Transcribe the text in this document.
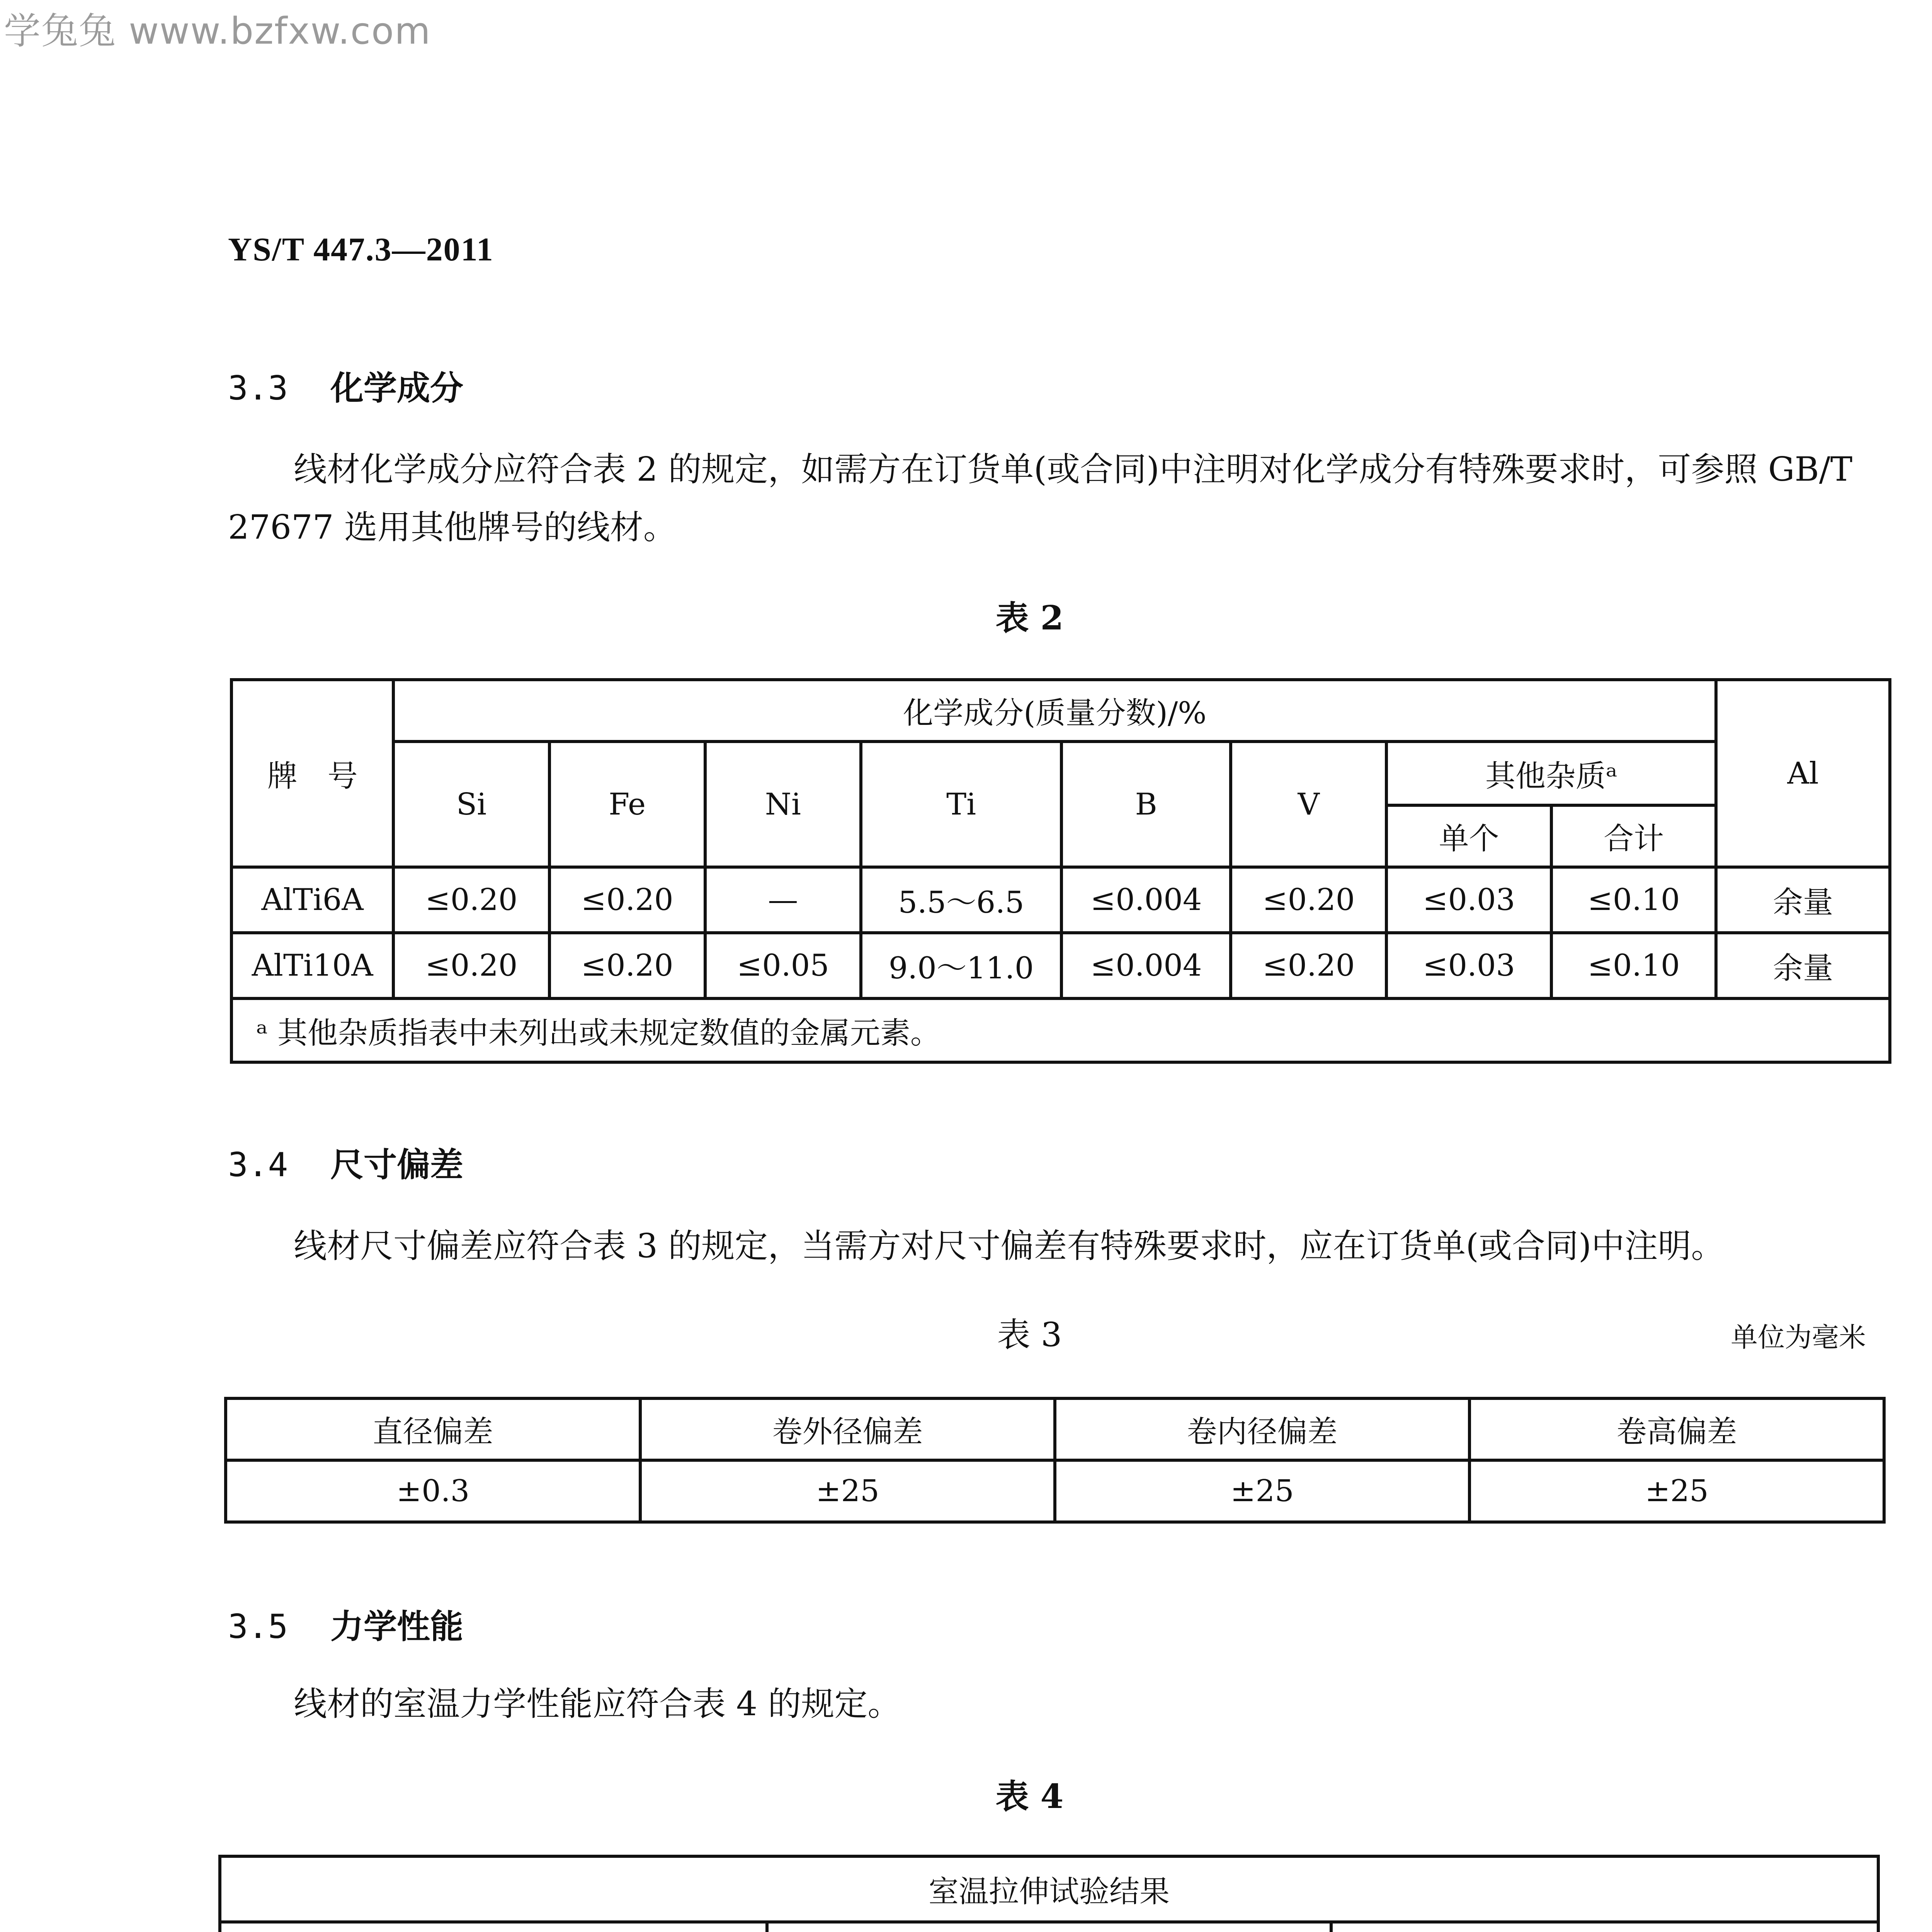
学兔兔 www.bzfxw.com
YS/T 447.3—2011
3.3 化学成分
线材化学成分应符合表 2 的规定，如需方在订货单(或合同)中注明对化学成分有特殊要求时，可参照 GB/T 27677 选用其他牌号的线材。
表 2
牌　号	化学成分(质量分数)/%								Al
	Si	Fe	Ni	Ti	B	V	其他杂质ᵃ		
							单个	合计	
AlTi6A	≤0.20	≤0.20	—	5.5～6.5	≤0.004	≤0.20	≤0.03	≤0.10	余量
AlTi10A	≤0.20	≤0.20	≤0.05	9.0～11.0	≤0.004	≤0.20	≤0.03	≤0.10	余量
ᵃ 其他杂质指表中未列出或未规定数值的金属元素。									
3.4 尺寸偏差
线材尺寸偏差应符合表 3 的规定，当需方对尺寸偏差有特殊要求时，应在订货单(或合同)中注明。
表 3	单位为毫米
直径偏差	卷外径偏差	卷内径偏差	卷高偏差
±0.3	±25	±25	±25
3.5 力学性能
线材的室温力学性能应符合表 4 的规定。
表 4
室温拉伸试验结果		
